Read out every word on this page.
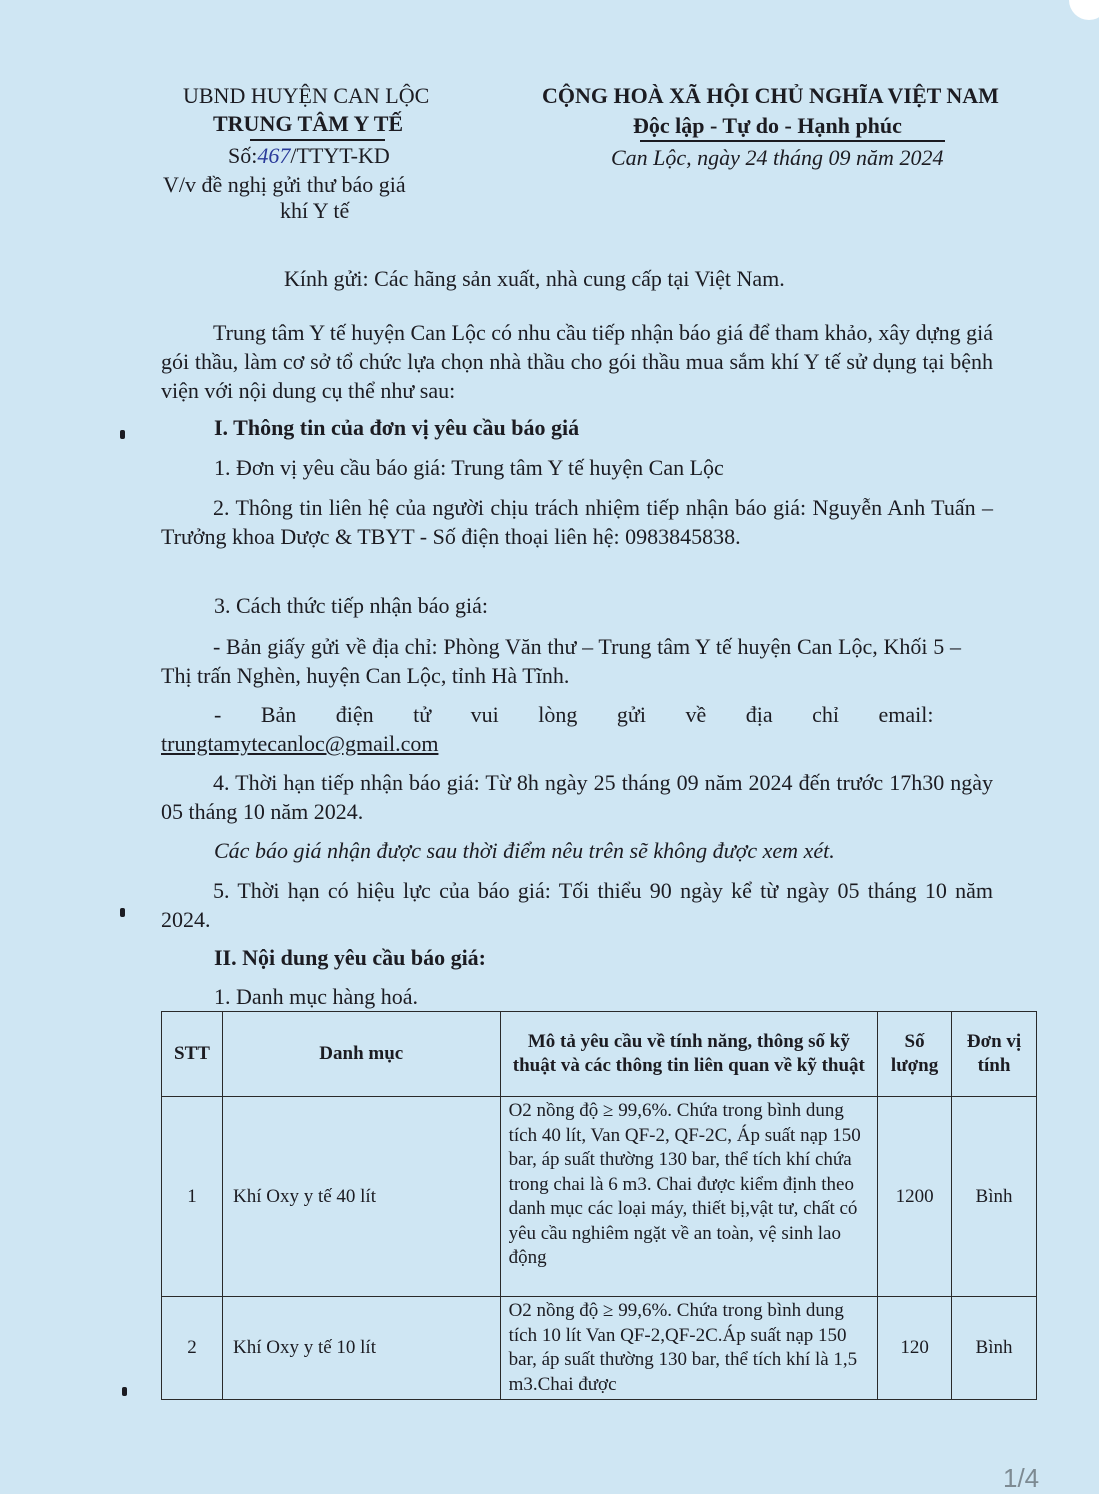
UBND HUYỆN CAN LỘC
TRUNG TÂM Y TẾ
Số:467/TTYT-KD
V/v đề nghị gửi thư báo giá
khí Y tế
CỘNG HOÀ XÃ HỘI CHỦ NGHĨA VIỆT NAM
Độc lập - Tự do - Hạnh phúc
Can Lộc, ngày 24 tháng 09 năm 2024
Kính gửi: Các hãng sản xuất, nhà cung cấp tại Việt Nam.
Trung tâm Y tế huyện Can Lộc có nhu cầu tiếp nhận báo giá để tham khảo, xây dựng giá gói thầu, làm cơ sở tổ chức lựa chọn nhà thầu cho gói thầu mua sắm khí Y tế sử dụng tại bệnh viện với nội dung cụ thể như sau:
I. Thông tin của đơn vị yêu cầu báo giá
1. Đơn vị yêu cầu báo giá: Trung tâm Y tế huyện Can Lộc
2. Thông tin liên hệ của người chịu trách nhiệm tiếp nhận báo giá: Nguyễn Anh Tuấn – Trưởng khoa Dược & TBYT - Số điện thoại liên hệ: 0983845838.
3. Cách thức tiếp nhận báo giá:
- Bản giấy gửi về địa chỉ: Phòng Văn thư – Trung tâm Y tế huyện Can Lộc, Khối 5 – Thị trấn Nghèn, huyện Can Lộc, tỉnh Hà Tĩnh.
- Bản điện tử vui lòng gửi về địa chỉ email:
trungtamytecanloc@gmail.com
4. Thời hạn tiếp nhận báo giá: Từ 8h ngày 25 tháng 09 năm 2024 đến trước 17h30 ngày 05 tháng 10 năm 2024.
Các báo giá nhận được sau thời điểm nêu trên sẽ không được xem xét.
5. Thời hạn có hiệu lực của báo giá: Tối thiểu 90 ngày kể từ ngày 05 tháng 10 năm 2024.
II. Nội dung yêu cầu báo giá:
1. Danh mục hàng hoá.
STT	Danh mục	Mô tả yêu cầu về tính năng, thông số kỹ thuật và các thông tin liên quan về kỹ thuật	Số lượng	Đơn vị tính
1	Khí Oxy y tế 40 lít	O2 nồng độ ≥ 99,6%. Chứa trong bình dung tích 40 lít, Van QF-2, QF-2C, Áp suất nạp 150 bar, áp suất thường 130 bar, thể tích khí chứa trong chai là 6 m3. Chai được kiểm định theo danh mục các loại máy, thiết bị,vật tư, chất có yêu cầu nghiêm ngặt về an toàn, vệ sinh lao động	1200	Bình
2	Khí Oxy y tế 10 lít	O2 nồng độ ≥ 99,6%. Chứa trong bình dung tích 10 lít Van QF-2,QF-2C.Áp suất nạp 150 bar, áp suất thường 130 bar, thể tích khí là 1,5 m3.Chai được	120	Bình
1/4
